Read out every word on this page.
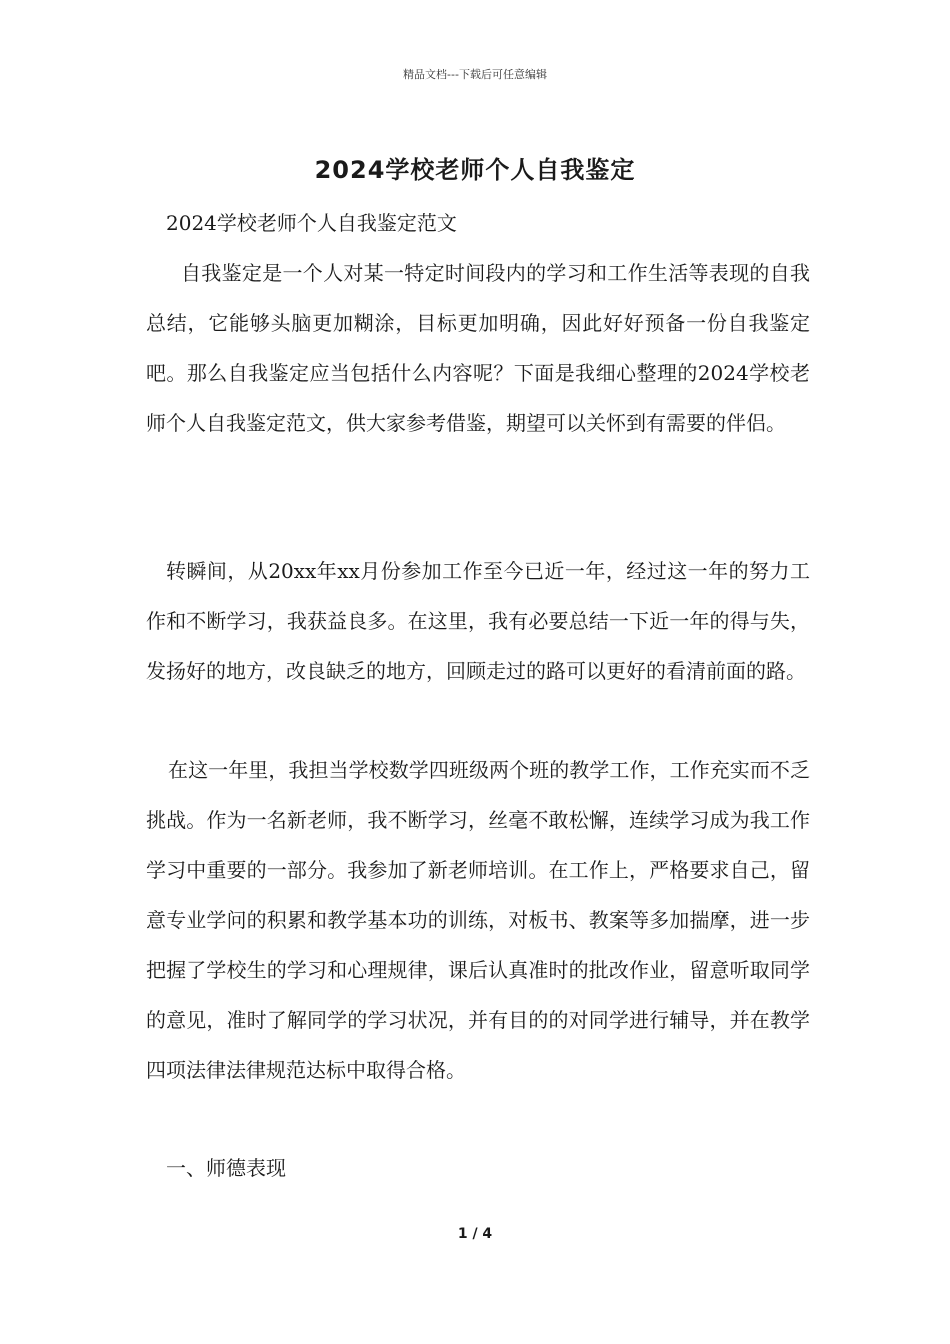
精品文档---下载后可任意编辑
2024学校老师个人自我鉴定
2024学校老师个人自我鉴定范文
自我鉴定是一个人对某一特定时间段内的学习和工作生活等表现的自我总结，它能够头脑更加糊涂，目标更加明确，因此好好预备一份自我鉴定吧。那么自我鉴定应当包括什么内容呢？下面是我细心整理的2024学校老师个人自我鉴定范文，供大家参考借鉴，期望可以关怀到有需要的伴侣。
转瞬间，从20xx年xx月份参加工作至今已近一年，经过这一年的努力工作和不断学习，我获益良多。在这里，我有必要总结一下近一年的得与失，发扬好的地方，改良缺乏的地方，回顾走过的路可以更好的看清前面的路。
在这一年里，我担当学校数学四班级两个班的教学工作，工作充实而不乏挑战。作为一名新老师，我不断学习，丝毫不敢松懈，连续学习成为我工作学习中重要的一部分。我参加了新老师培训。在工作上，严格要求自己，留意专业学问的积累和教学基本功的训练，对板书、教案等多加揣摩，进一步把握了学校生的学习和心理规律，课后认真准时的批改作业，留意听取同学的意见，准时了解同学的学习状况，并有目的的对同学进行辅导，并在教学四项法律法律规范达标中取得合格。
一、师德表现
1 / 4
